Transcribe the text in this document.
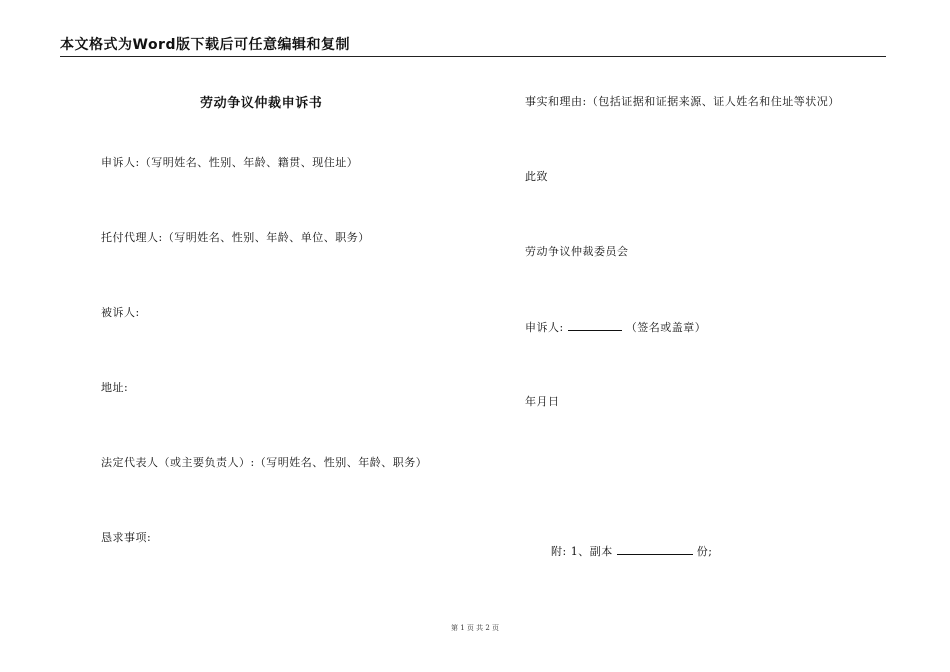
本文格式为Word版下载后可任意编辑和复制
劳动争议仲裁申诉书
申诉人:（写明姓名、性别、年龄、籍贯、现住址）
托付代理人:（写明姓名、性别、年龄、单位、职务）
被诉人:
地址:
法定代表人（或主要负责人）:（写明姓名、性别、年龄、职务）
恳求事项:
事实和理由:（包括证据和证据来源、证人姓名和住址等状况）
此致
劳动争议仲裁委员会
申诉人:	（签名或盖章）
年月日
附: 1、副本	份;
第 1 页 共 2 页
